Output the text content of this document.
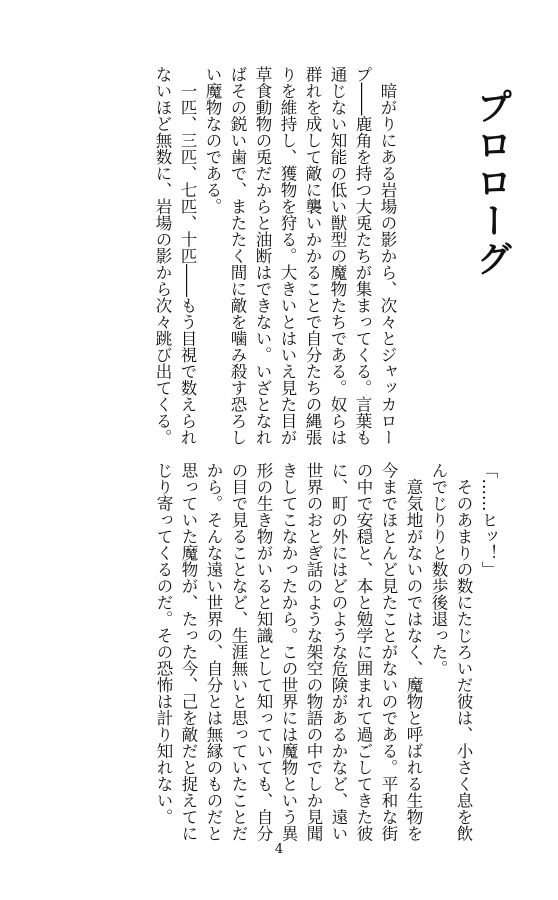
プロローグ
　暗がりにある岩場の影から、次々とジャッカロー
プ――鹿角を持つ大兎たちが集まってくる。言葉も
通じない知能の低い獣型の魔物たちである。奴らは
群れを成して敵に襲いかかることで自分たちの縄張
りを維持し、獲物を狩る。大きいとはいえ見た目が
草食動物の兎だからと油断はできない。いざとなれ
ばその鋭い歯で、またたく間に敵を噛み殺す恐ろし
い魔物なのである。
　一匹、三匹、七匹、十匹――もう目視で数えられ
ないほど無数に、岩場の影から次々跳び出てくる。
「……ヒッ！」
　そのあまりの数にたじろいだ彼は、小さく息を飲
んでじりりと数歩後退った。
　意気地がないのではなく、魔物と呼ばれる生物を
今までほとんど見たことがないのである。平和な街
の中で安穏と、本と勉学に囲まれて過ごしてきた彼
に、町の外にはどのような危険があるかなど、遠い
世界のおとぎ話のような架空の物語の中でしか見聞
きしてこなかったから。この世界には魔物という異
形の生き物がいると知識として知っていても、自分
の目で見ることなど、生涯無いと思っていたことだ
から。そんな遠い世界の、自分とは無縁のものだと
思っていた魔物が、たった今、己を敵だと捉えてに
じり寄ってくるのだ。その恐怖は計り知れない。
4
